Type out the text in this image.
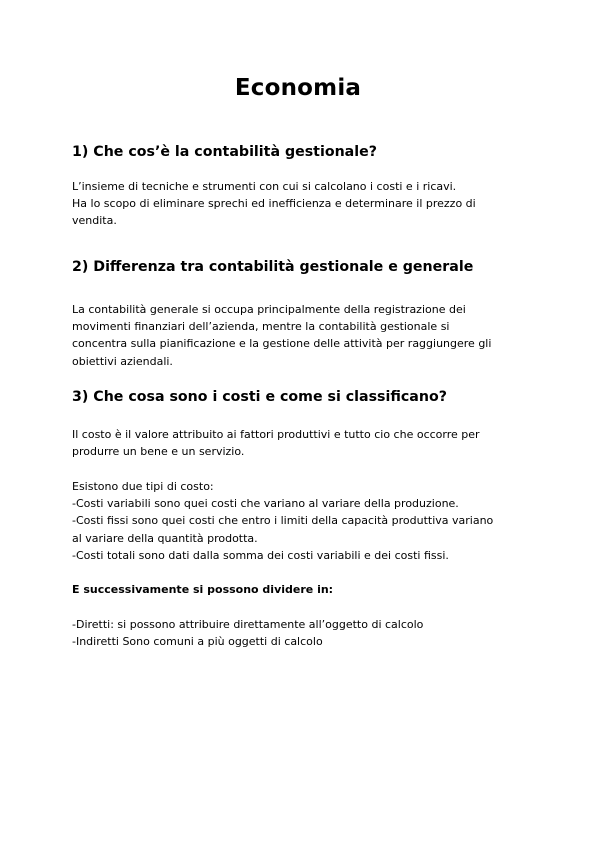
Economia
1) Che cos’è la contabilità gestionale?
L’insieme di tecniche e strumenti con cui si calcolano i costi e i ricavi.
Ha lo scopo di eliminare sprechi ed inefficienza e determinare il prezzo di
vendita.
2) Differenza tra contabilità gestionale e generale
La contabilità generale si occupa principalmente della registrazione dei
movimenti finanziari dell’azienda, mentre la contabilità gestionale si
concentra sulla pianificazione e la gestione delle attività per raggiungere gli
obiettivi aziendali.
3) Che cosa sono i costi e come si classificano?
Il costo è il valore attribuito ai fattori produttivi e tutto cio che occorre per
produrre un bene e un servizio.
Esistono due tipi di costo:
-Costi variabili sono quei costi che variano al variare della produzione.
-Costi fissi sono quei costi che entro i limiti della capacità produttiva variano
al variare della quantità prodotta.
-Costi totali sono dati dalla somma dei costi variabili e dei costi fissi.
E successivamente si possono dividere in:
-Diretti: si possono attribuire direttamente all’oggetto di calcolo
-Indiretti Sono comuni a più oggetti di calcolo
